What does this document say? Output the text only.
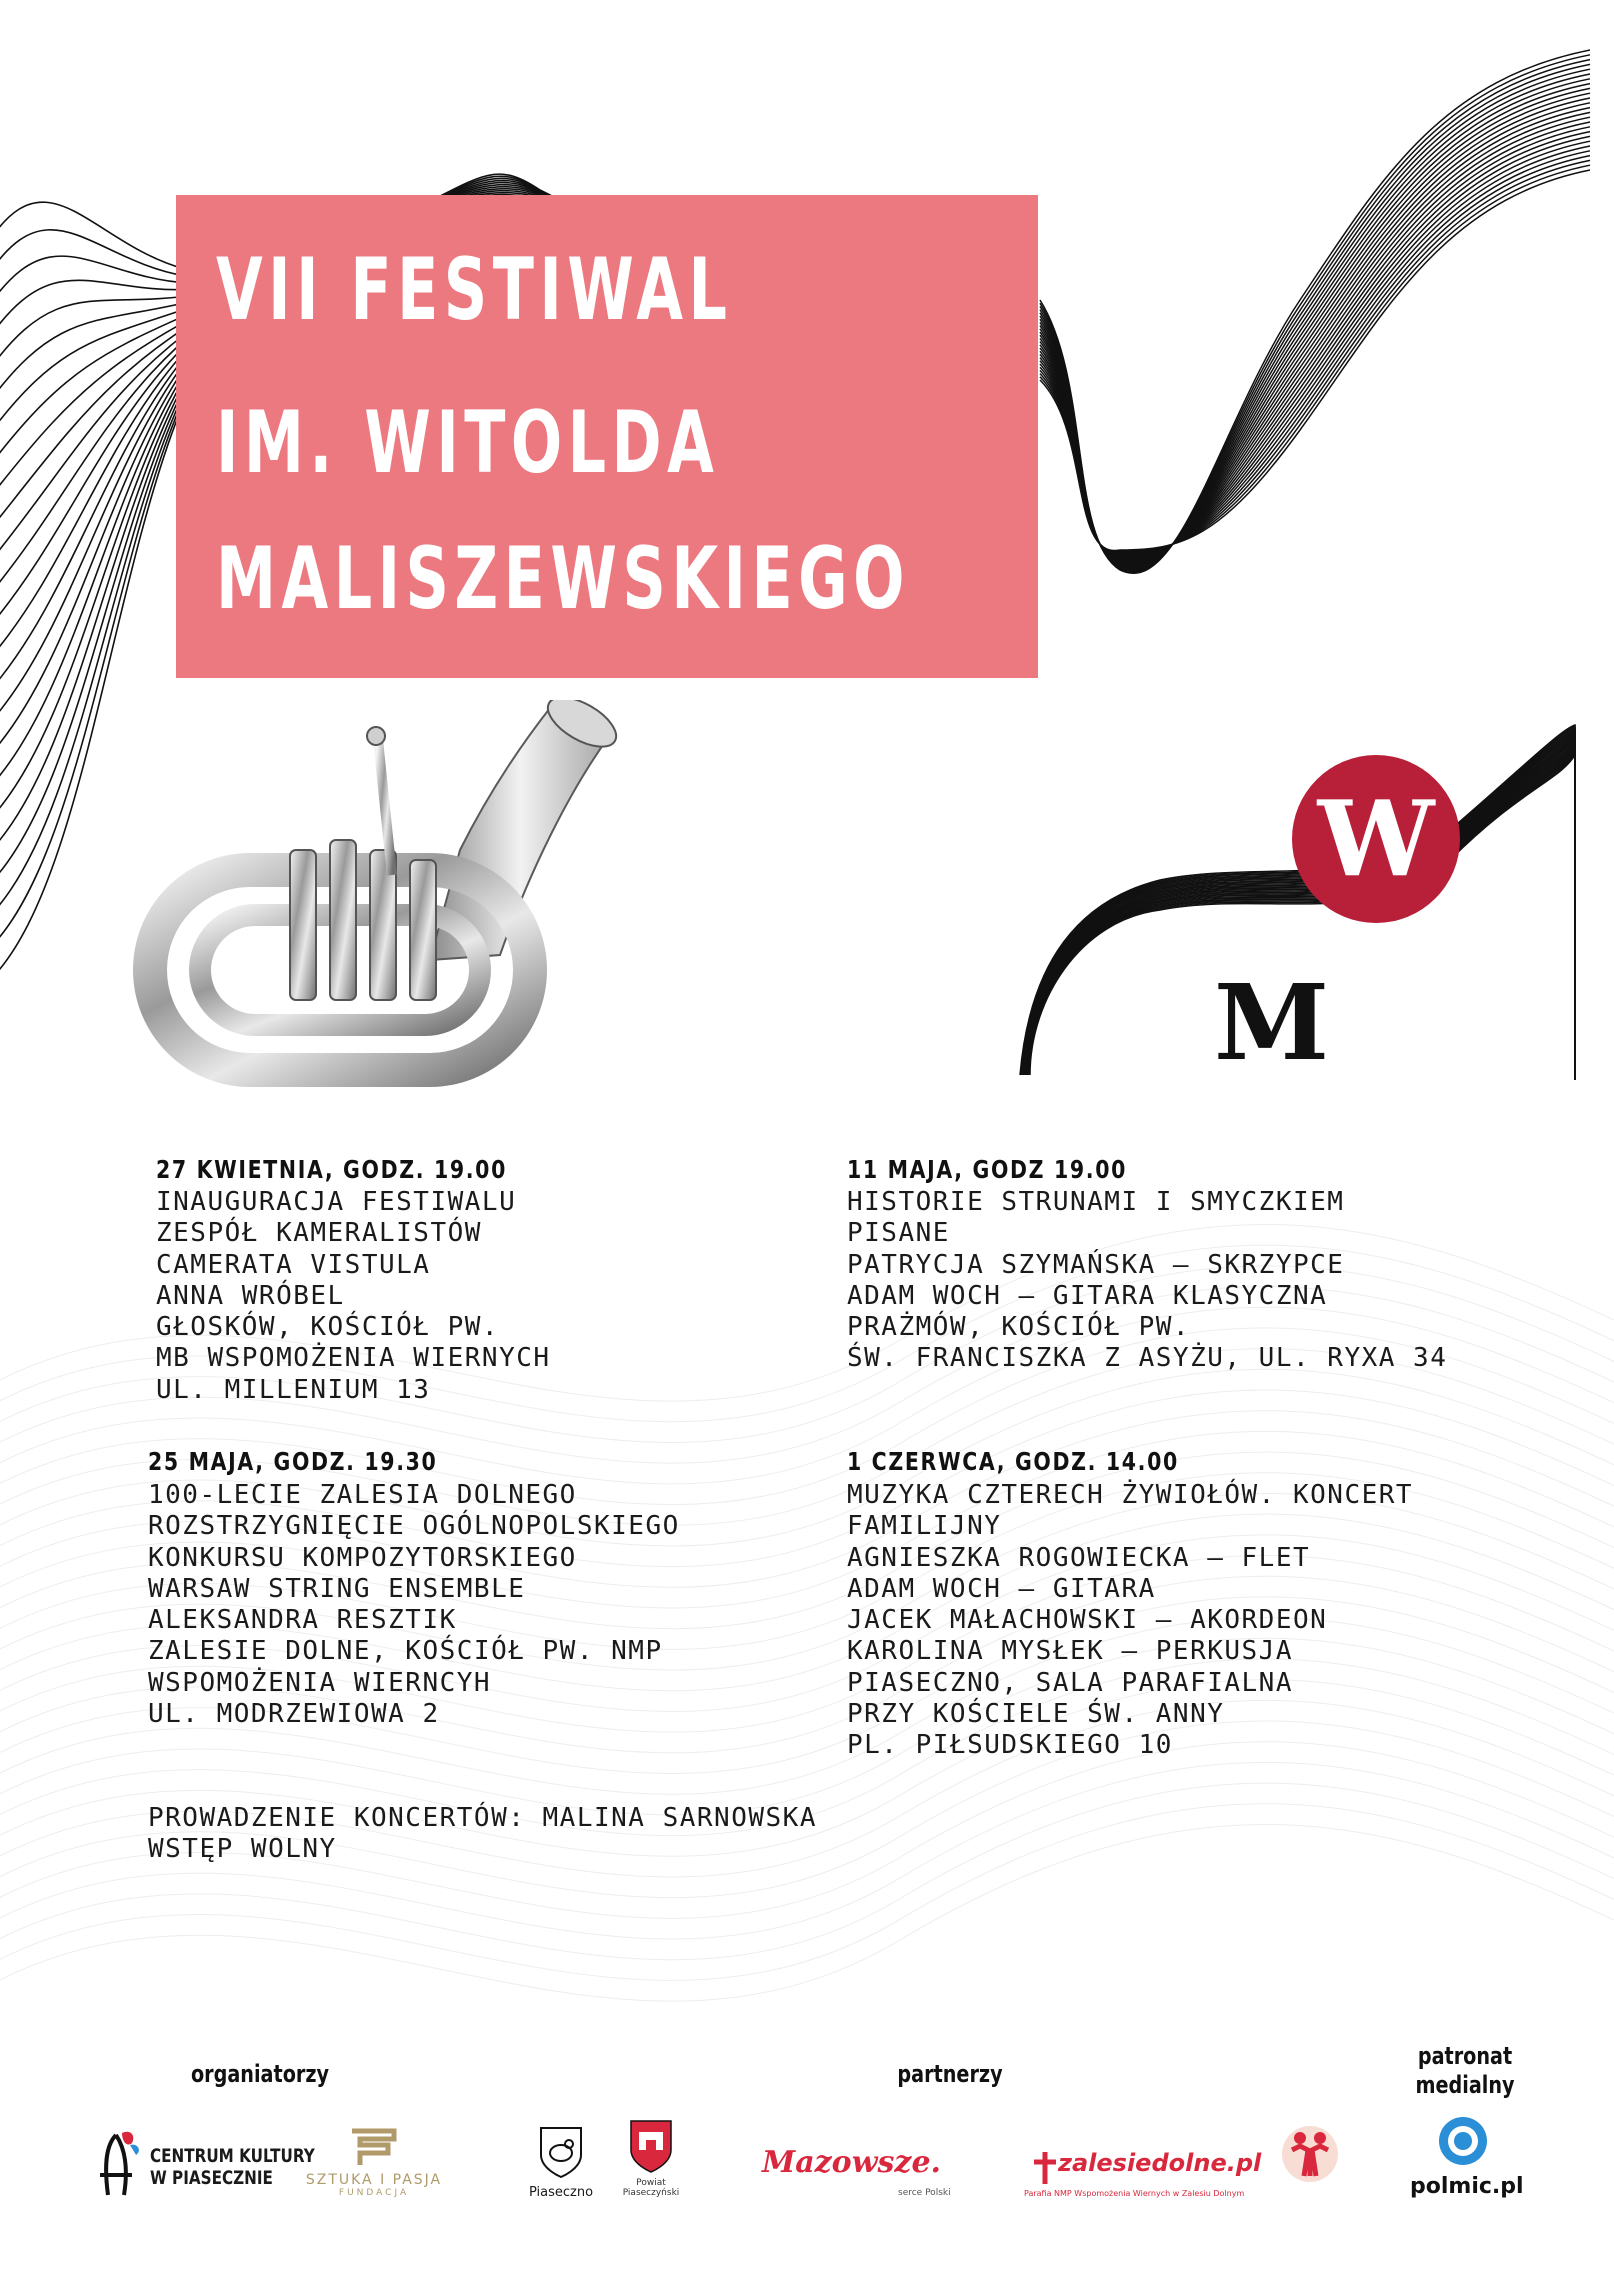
VII FESTIWAL
IM. WITOLDA
MALISZEWSKIEGO
W
M
27 KWIETNIA, GODZ. 19.00
INAUGURACJA FESTIWALU
ZESPÓŁ KAMERALISTÓW
CAMERATA VISTULA
ANNA WRÓBEL
GŁOSKÓW, KOŚCIÓŁ PW.
MB WSPOMOŻENIA WIERNYCH
UL. MILLENIUM 13
11 MAJA, GODZ 19.00
HISTORIE STRUNAMI I SMYCZKIEM
PISANE
PATRYCJA SZYMAŃSKA – SKRZYPCE
ADAM WOCH – GITARA KLASYCZNA
PRAŻMÓW, KOŚCIÓŁ PW.
ŚW. FRANCISZKA Z ASYŻU, UL. RYXA 34
25 MAJA, GODZ. 19.30
100-LECIE ZALESIA DOLNEGO
ROZSTRZYGNIĘCIE OGÓLNOPOLSKIEGO
KONKURSU KOMPOZYTORSKIEGO
WARSAW STRING ENSEMBLE
ALEKSANDRA RESZTIK
ZALESIE DOLNE, KOŚCIÓŁ PW. NMP
WSPOMOŻENIA WIERNCYH
UL. MODRZEWIOWA 2
1 CZERWCA, GODZ. 14.00
MUZYKA CZTERECH ŻYWIOŁÓW. KONCERT
FAMILIJNY
AGNIESZKA ROGOWIECKA – FLET
ADAM WOCH – GITARA
JACEK MAŁACHOWSKI – AKORDEON
KAROLINA MYSŁEK — PERKUSJA
PIASECZNO, SALA PARAFIALNA
PRZY KOŚCIELE ŚW. ANNY
PL. PIŁSUDSKIEGO 10
PROWADZENIE KONCERTÓW: MALINA SARNOWSKA
WSTĘP WOLNY
organiatorzy	partnerzy
patronat
medialny
CENTRUM KULTURY
W PIASECZNIE	SZTUKA I PASJA
FUNDACJA	Piaseczno
Powiat
Piaseczyński
Mazowsze.
serce Polski
zalesiedolne.pl
Parafia NMP Wspomożenia Wiernych w Zalesiu Dolnym	polmic.pl
